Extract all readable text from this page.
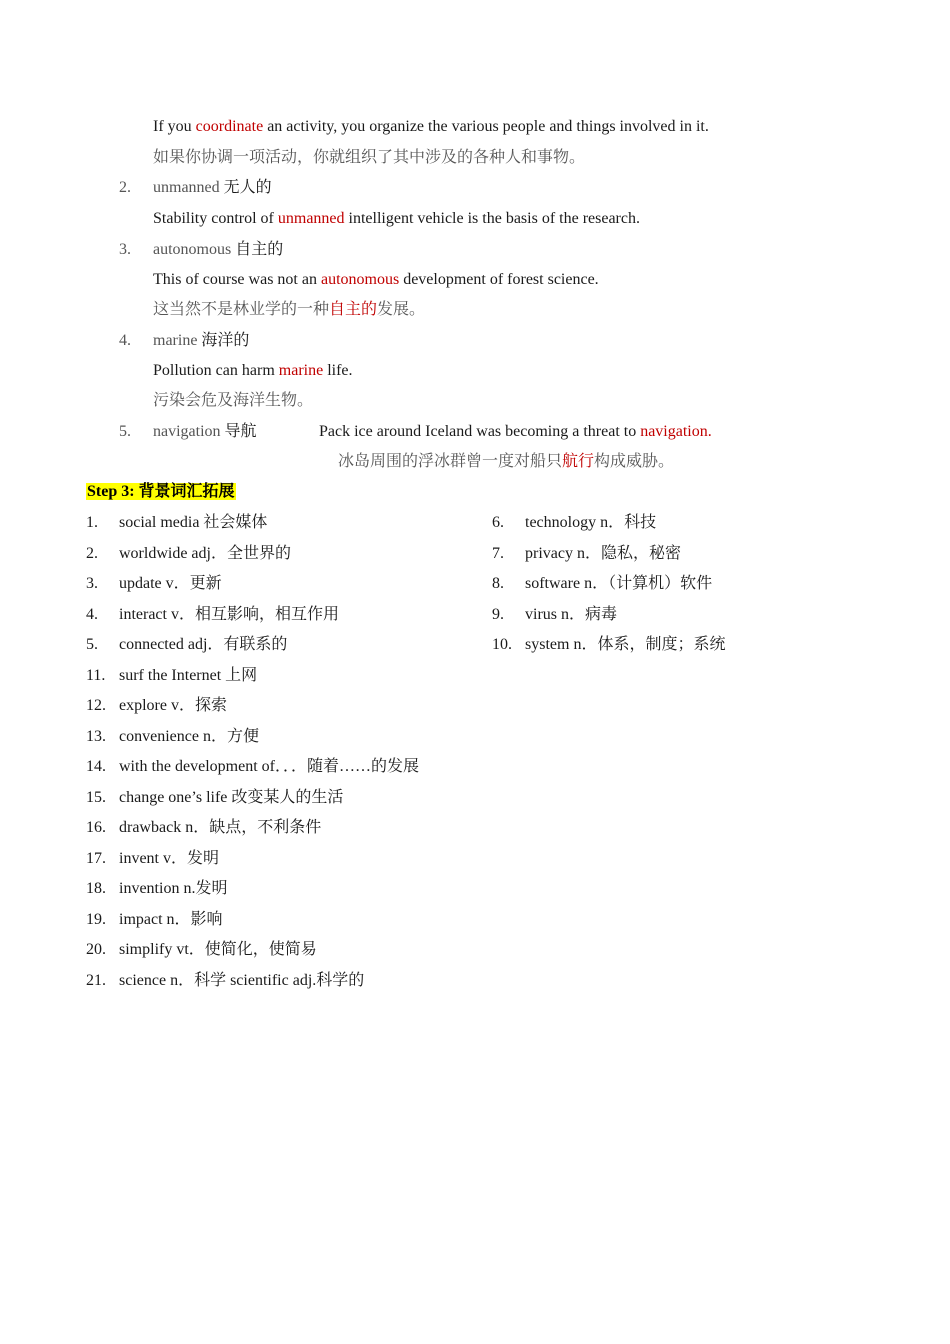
If you coordinate an activity, you organize the various people and things involved in it.
如果你协调一项活动，你就组织了其中涉及的各种人和事物。
2. unmanned 无人的
Stability control of unmanned intelligent vehicle is the basis of the research.
3. autonomous 自主的
This of course was not an autonomous development of forest science.
这当然不是林业学的一种自主的发展。
4. marine 海洋的
Pollution can harm marine life.
污染会危及海洋生物。
5. navigation 导航	Pack ice around Iceland was becoming a threat to navigation.
冰岛周围的浮冰群曾一度对船只航行构成威胁。
Step 3: 背景词汇拓展
1. social media 社会媒体
2. worldwide adj．全世界的
3. update v．更新
4. interact v．相互影响，相互作用
5. connected adj．有联系的
11. surf the Internet 上网
12. explore v．探索
13. convenience n．方便
14. with the development of．．．随着……的发展
15. change one’s life 改变某人的生活
16. drawback n．缺点，不利条件
17. invent v．发明
18. invention n.发明
19. impact n．影响
20. simplify vt．使简化，使简易
21. science n．科学 scientific adj.科学的
6. technology n．科技
7. privacy n．隐私，秘密
8. software n．（计算机）软件
9. virus n．病毒
10. system n．体系，制度；系统
